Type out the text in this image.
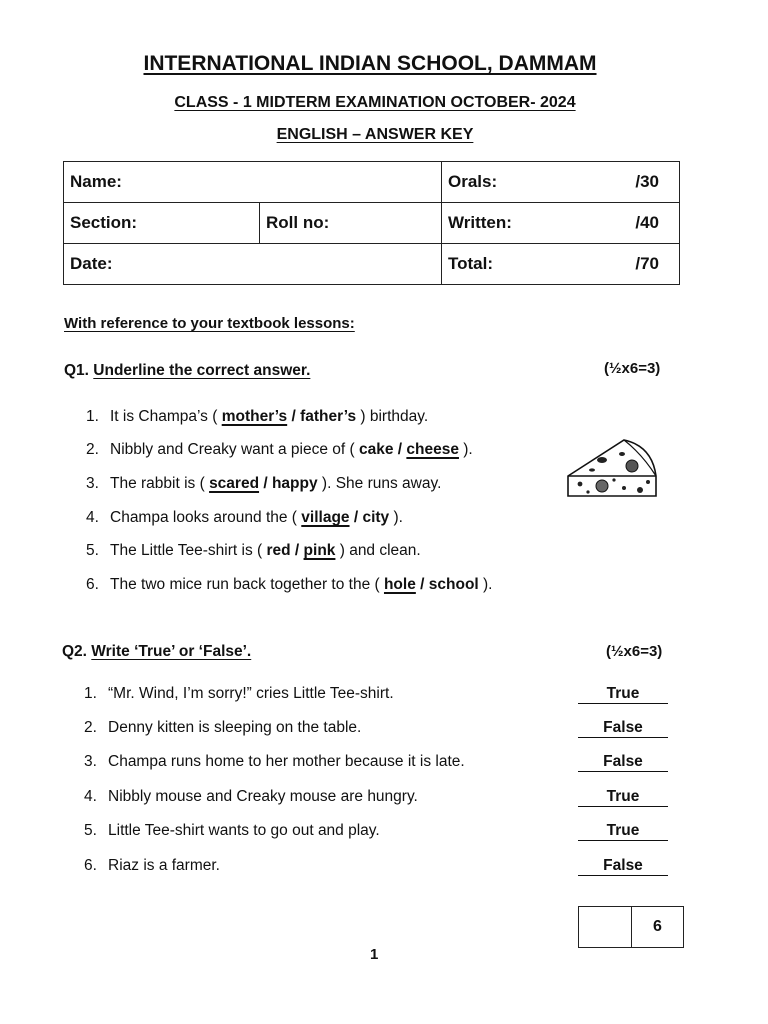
INTERNATIONAL INDIAN SCHOOL, DAMMAM
CLASS - 1 MIDTERM EXAMINATION OCTOBER- 2024
ENGLISH – ANSWER KEY
Name:		Orals: /30

Section:	Roll no:	Written: /40

Date:		Total: /70
With reference to your textbook lessons:
Q1. Underline the correct answer.	(½x6=3)
1. It is Champa’s ( mother’s / father’s ) birthday.
2. Nibbly and Creaky want a piece of ( cake / cheese ).
3. The rabbit is ( scared / happy ). She runs away.
4. Champa looks around the ( village / city ).
5. The Little Tee-shirt is ( red / pink ) and clean.
6. The two mice run back together to the ( hole / school ).
Q2. Write ‘True’ or ‘False’.	(½x6=3)
1. “Mr. Wind, I’m sorry!” cries Little Tee-shirt.	True
2. Denny kitten is sleeping on the table.	False
3. Champa runs home to her mother because it is late.	False
4. Nibbly mouse and Creaky mouse are hungry.	True
5. Little Tee-shirt wants to go out and play.	True
6. Riaz is a farmer.	False
6
1
